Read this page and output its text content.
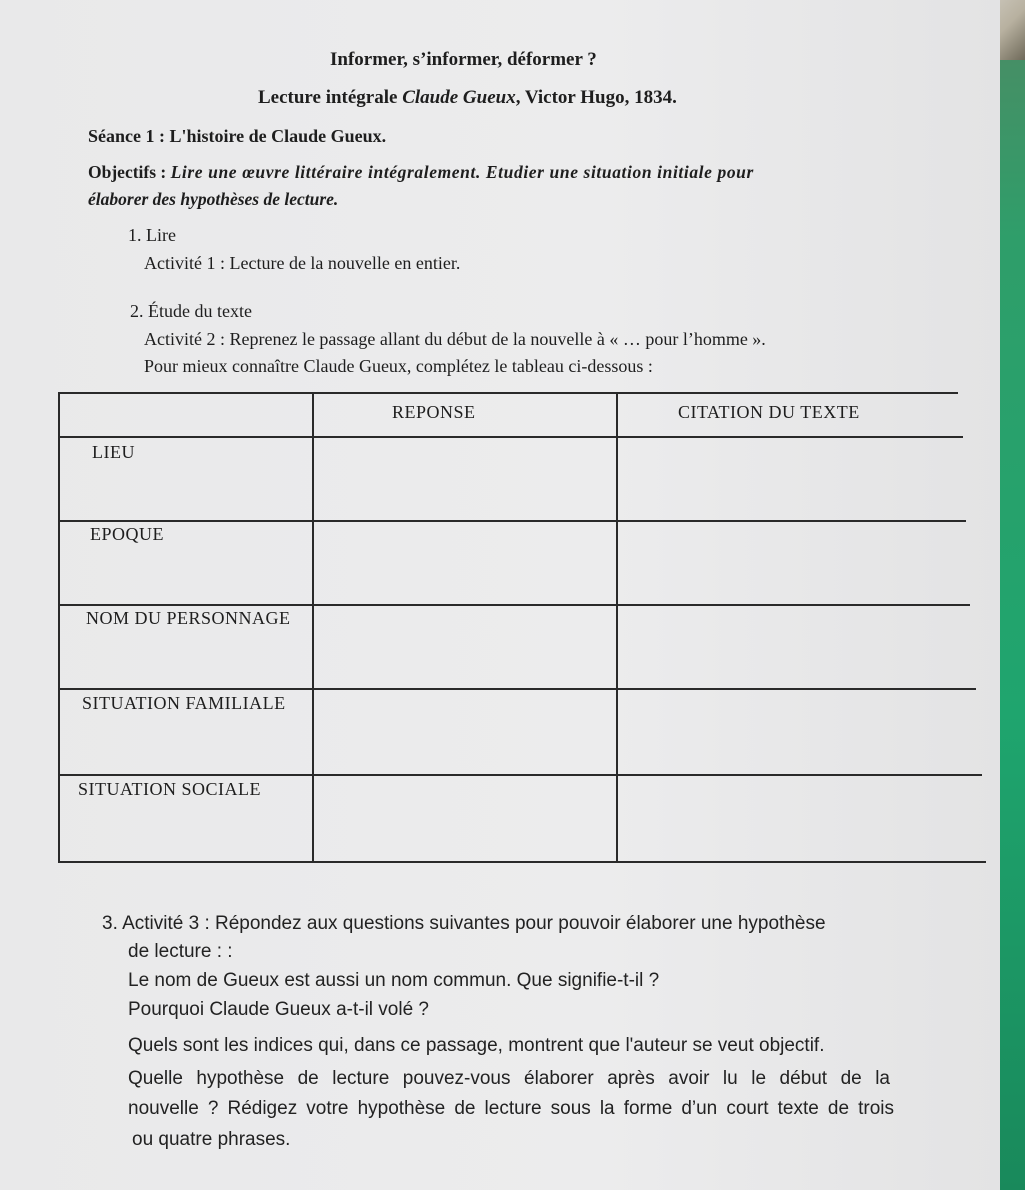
Informer, s’informer, déformer ?
Lecture intégrale Claude Gueux, Victor Hugo, 1834.
Séance 1 : L'histoire de Claude Gueux.
Objectifs : Lire une œuvre littéraire intégralement. Etudier une situation initiale pour
élaborer des hypothèses de lecture.
1. Lire
Activité 1 : Lecture de la nouvelle en entier.
2. Étude du texte
Activité 2 : Reprenez le passage allant du début de la nouvelle à « … pour l’homme ».
Pour mieux connaître Claude Gueux, complétez le tableau ci-dessous :
REPONSE	CITATION DU TEXTE
LIEU
EPOQUE
NOM DU PERSONNAGE
SITUATION FAMILIALE
SITUATION SOCIALE
3. Activité 3 : Répondez aux questions suivantes pour pouvoir élaborer une hypothèse
de lecture : :
Le nom de Gueux est aussi un nom commun. Que signifie-t-il ?
Pourquoi Claude Gueux a-t-il volé ?
Quels sont les indices qui, dans ce passage, montrent que l'auteur se veut objectif.
Quelle hypothèse de lecture pouvez-vous élaborer après avoir lu le début de la
nouvelle ? Rédigez votre hypothèse de lecture sous la forme d’un court texte de trois
ou quatre phrases.
